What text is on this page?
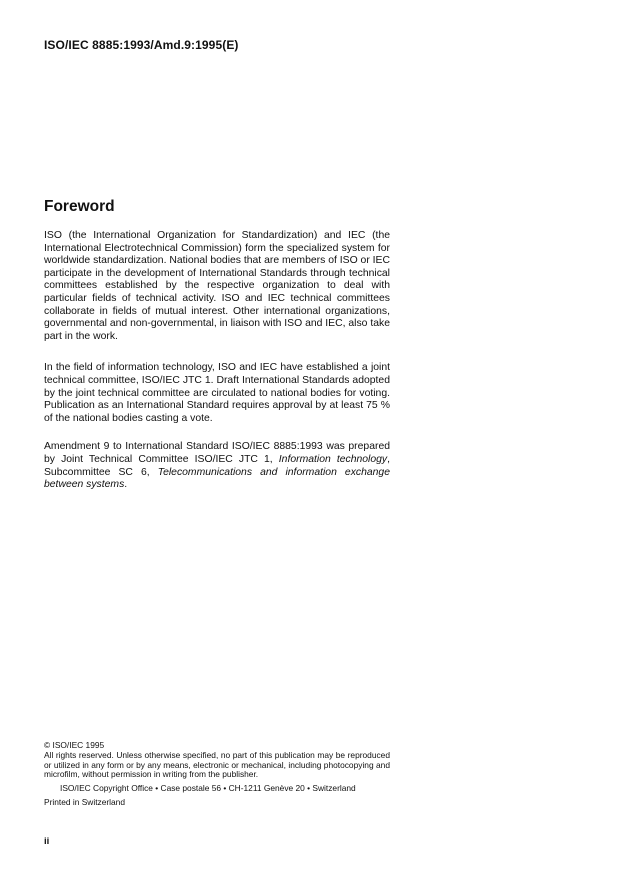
ISO/IEC 8885:1993/Amd.9:1995(E)
Foreword

ISO (the International Organization for Standardization) and IEC (the International Electrotechnical Commission) form the specialized system for worldwide standardization. National bodies that are members of ISO or IEC participate in the development of International Standards through technical committees established by the respective organization to deal with particular fields of technical activity. ISO and IEC technical committees collaborate in fields of mutual interest. Other international organizations, governmental and non-governmental, in liaison with ISO and IEC, also take part in the work.

In the field of information technology, ISO and IEC have established a joint technical committee, ISO/IEC JTC 1. Draft International Standards adopted by the joint technical committee are circulated to national bodies for voting. Publication as an International Standard requires approval by at least 75 % of the national bodies casting a vote.

Amendment 9 to International Standard ISO/IEC 8885:1993 was prepared by Joint Technical Committee ISO/IEC JTC 1, Information technology, Subcommittee SC 6, Telecommunications and information exchange between systems.

© ISO/IEC 1995
All rights reserved. Unless otherwise specified, no part of this publication may be reproduced or utilized in any form or by any means, electronic or mechanical, including photocopying and microfilm, without permission in writing from the publisher.
ISO/IEC Copyright Office • Case postale 56 • CH-1211 Genève 20 • Switzerland
Printed in Switzerland
ii
